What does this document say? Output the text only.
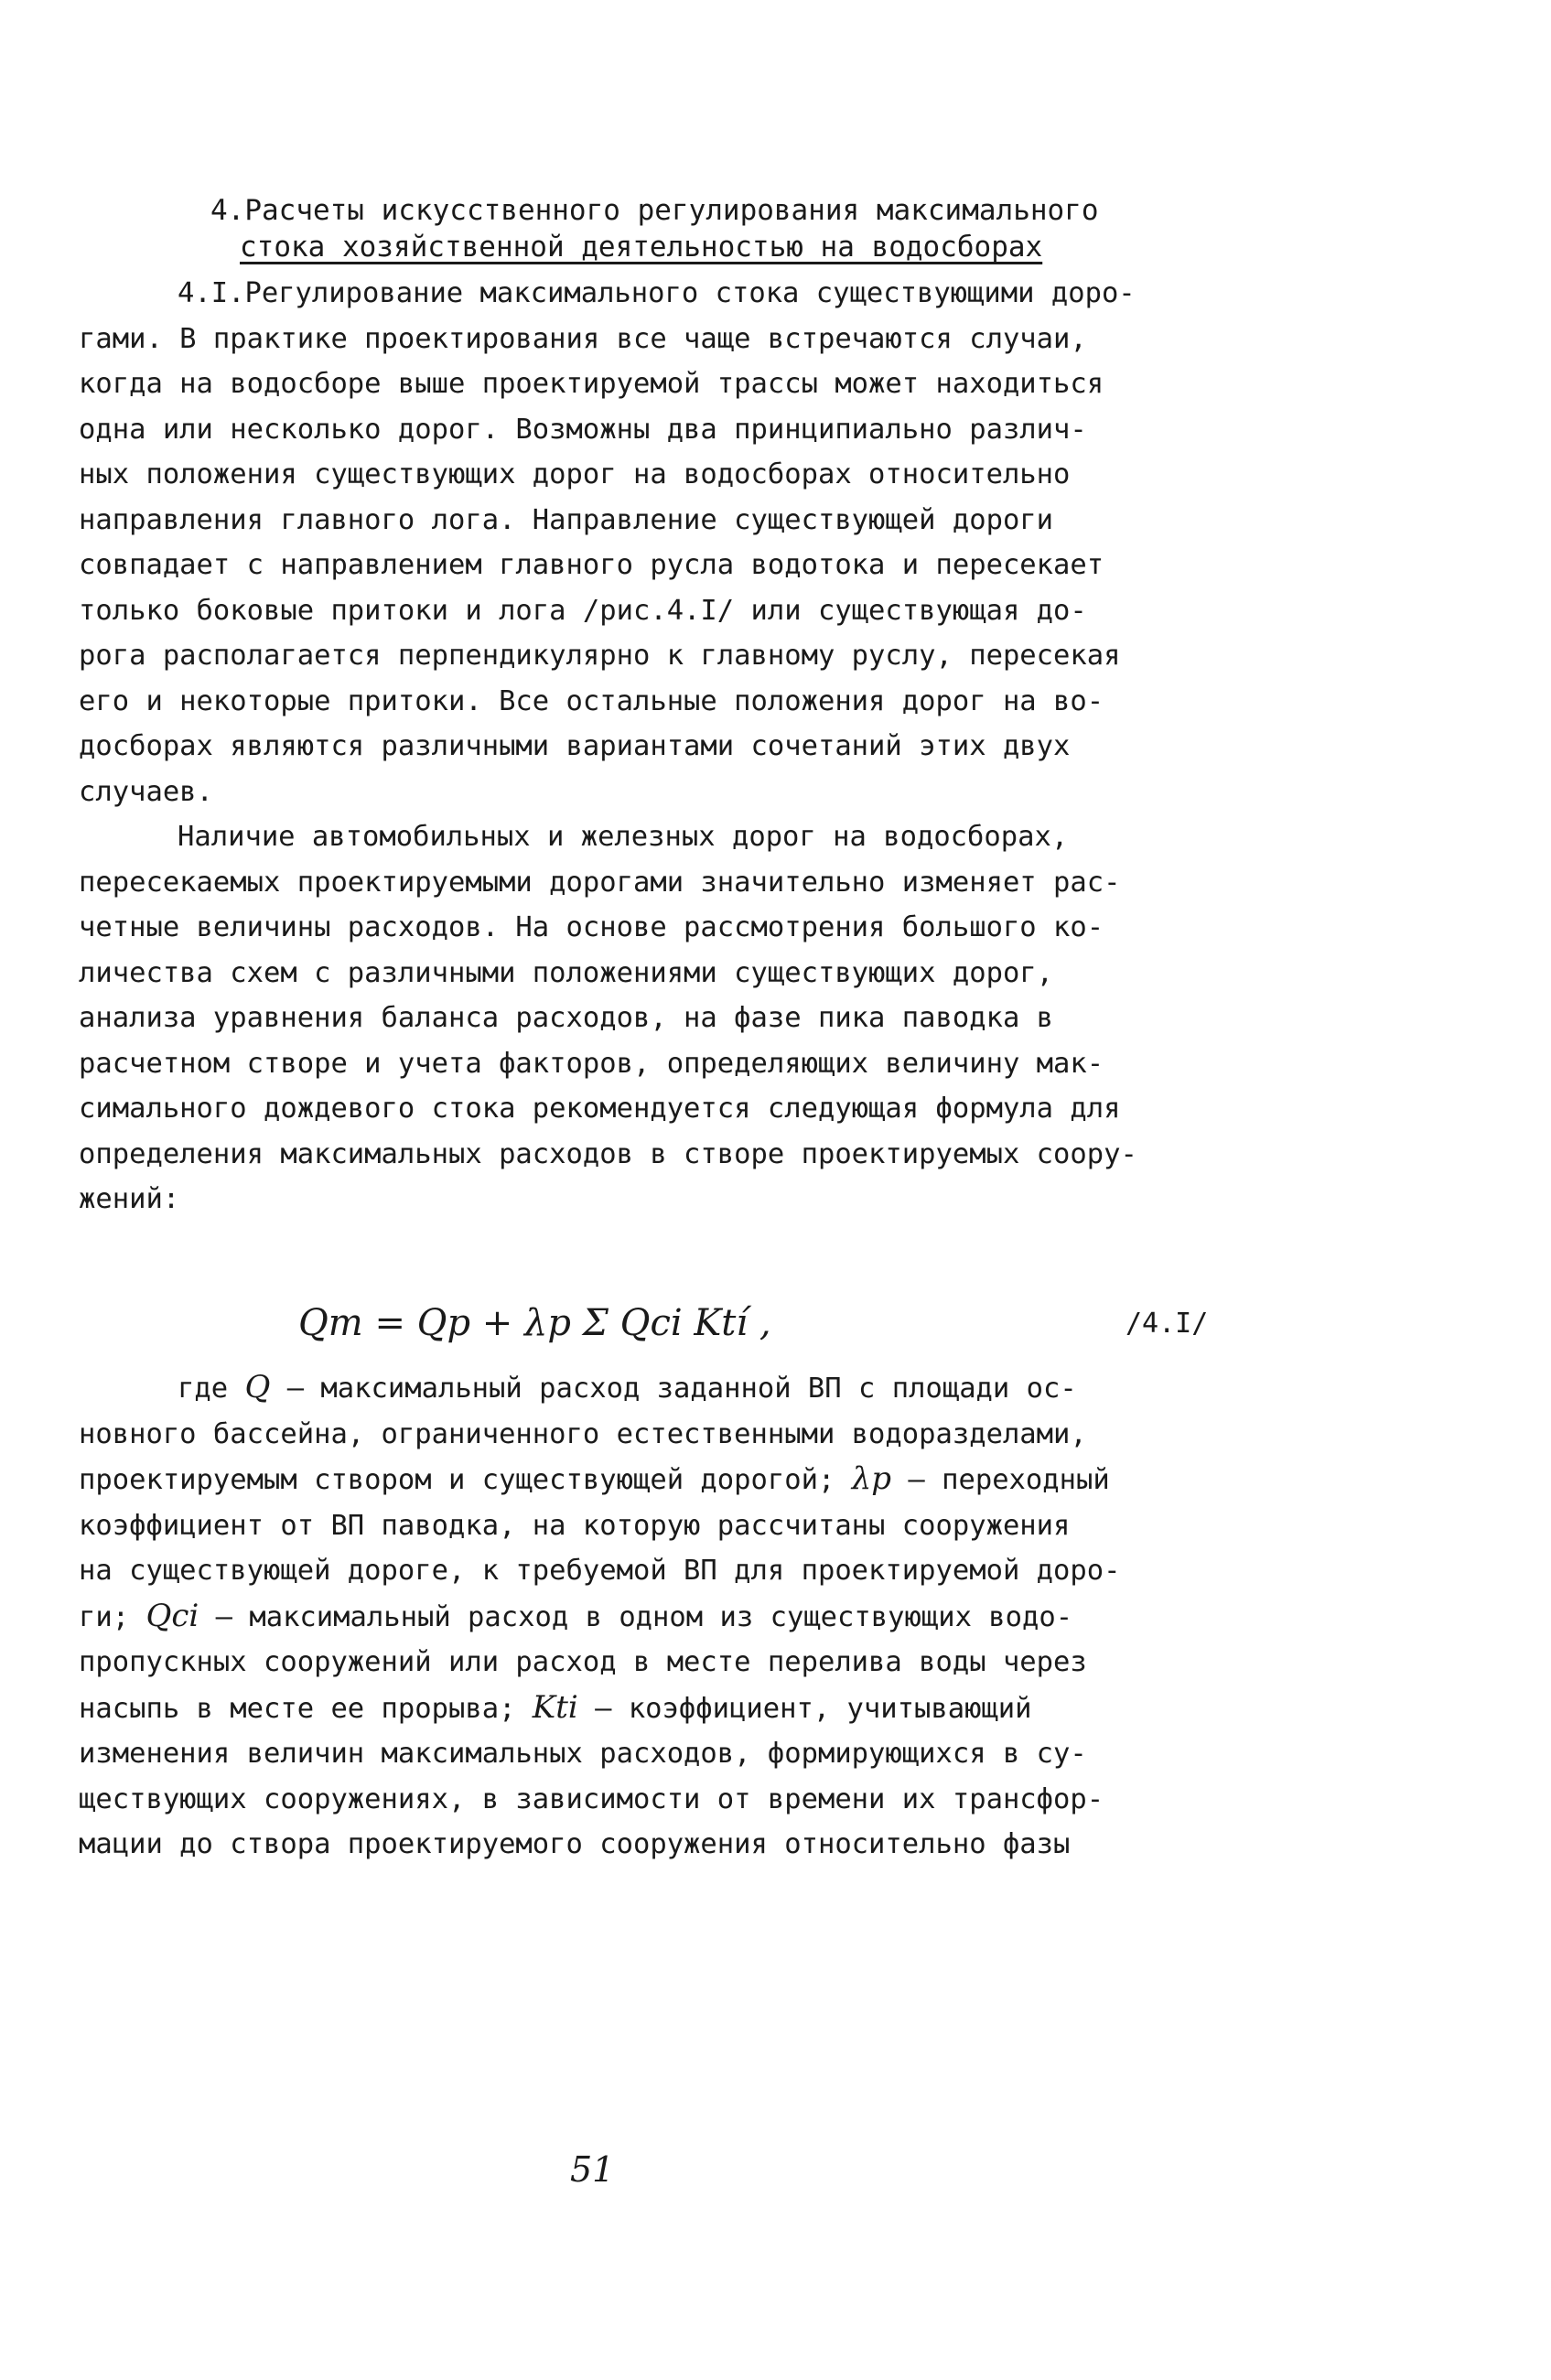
4.Расчеты искусственного регулирования максимального
стока хозяйственной деятельностью на водосборах

4.I.Регулирование максимального стока существующими доро-
гами. В практике проектирования все чаще встречаются случаи,
когда на водосборе выше проектируемой трассы может находиться
одна или несколько дорог. Возможны два принципиально различ-
ных положения существующих дорог на водосборах относительно
направления главного лога. Направление существующей дороги
совпадает с направлением главного русла водотока и пересекает
только боковые притоки и лога /рис.4.I/ или существующая до-
рога располагается перпендикулярно к главному руслу, пересекая
его и некоторые притоки. Все остальные положения дорог на во-
досборах являются различными вариантами сочетаний этих двух
случаев.

Наличие автомобильных и железных дорог на водосборах,
пересекаемых проектируемыми дорогами значительно изменяет рас-
четные величины расходов. На основе рассмотрения большого ко-
личества схем с различными положениями существующих дорог,
анализа уравнения баланса расходов, на фазе пика паводка в
расчетном створе и учета факторов, определяющих величину мак-
симального дождевого стока рекомендуется следующая формула для
определения максимальных расходов в створе проектируемых соору-
жений:

Qm = Qp + λp Σ Qci Ktí ,	/4.I/
где Q – максимальный расход заданной ВП с площади ос-
новного бассейна, ограниченного естественными водоразделами,
проектируемым створом и существующей дорогой; λp – переходный
коэффициент от ВП паводка, на которую рассчитаны сооружения
на существующей дороге, к требуемой ВП для проектируемой доро-
ги; Qci – максимальный расход в одном из существующих водо-
пропускных сооружений или расход в месте перелива воды через
насыпь в месте ее прорыва; Kti – коэффициент, учитывающий
изменения величин максимальных расходов, формирующихся в су-
ществующих сооружениях, в зависимости от времени их трансфор-
мации до створа проектируемого сооружения относительно фазы
51
